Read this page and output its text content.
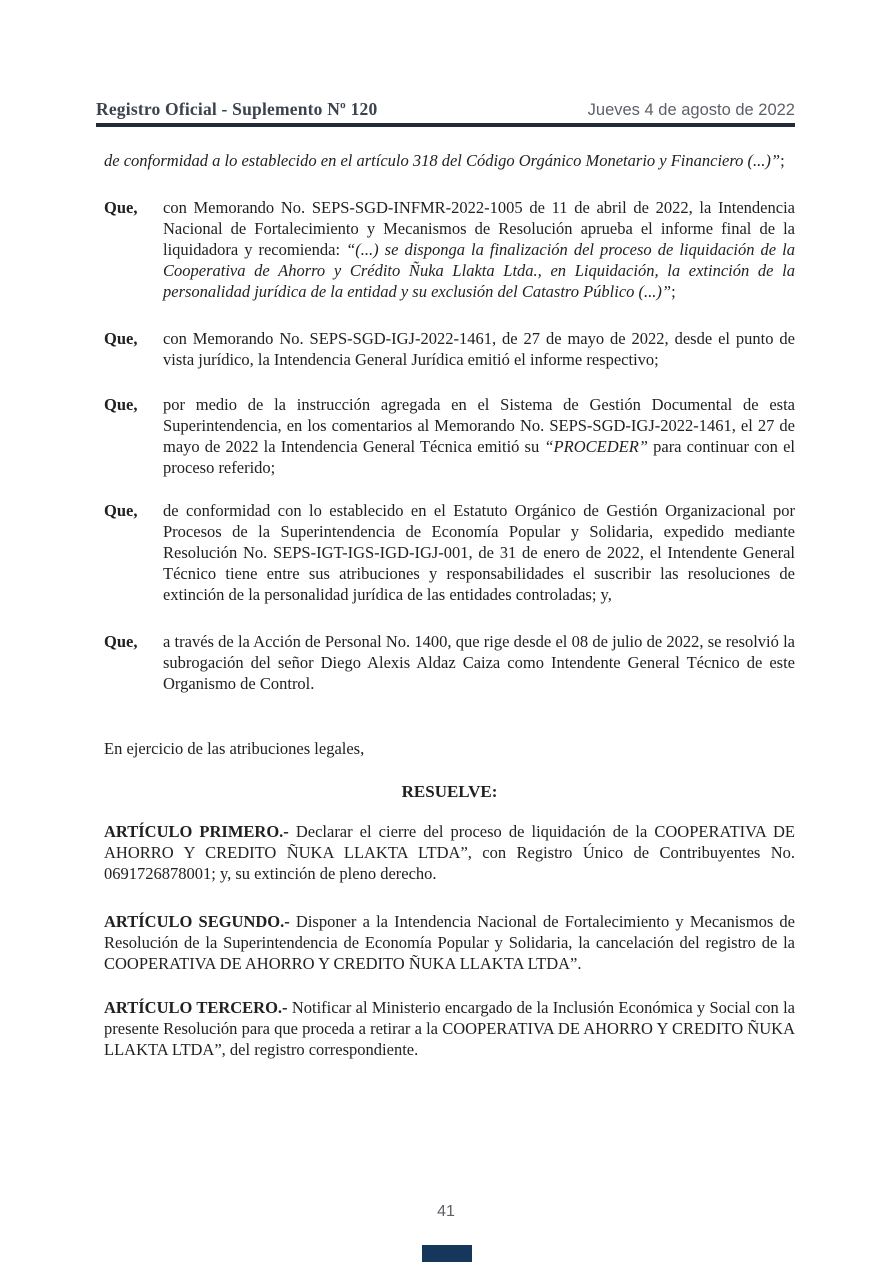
Registro Oficial - Suplemento Nº 120	Jueves 4 de agosto de 2022

de conformidad a lo establecido en el artículo 318 del Código Orgánico Monetario y Financiero (...)”;

Que,	con Memorando No. SEPS-SGD-INFMR-2022-1005 de 11 de abril de 2022, la Intendencia Nacional de Fortalecimiento y Mecanismos de Resolución aprueba el informe final de la liquidadora y recomienda: “(...) se disponga la finalización del proceso de liquidación de la Cooperativa de Ahorro y Crédito Ñuka Llakta Ltda., en Liquidación, la extinción de la personalidad jurídica de la entidad y su exclusión del Catastro Público (...)”;

Que,	con Memorando No. SEPS-SGD-IGJ-2022-1461, de 27 de mayo de 2022, desde el punto de vista jurídico, la Intendencia General Jurídica emitió el informe respectivo;

Que,	por medio de la instrucción agregada en el Sistema de Gestión Documental de esta Superintendencia, en los comentarios al Memorando No. SEPS-SGD-IGJ-2022-1461, el 27 de mayo de 2022 la Intendencia General Técnica emitió su “PROCEDER” para continuar con el proceso referido;

Que,	de conformidad con lo establecido en el Estatuto Orgánico de Gestión Organizacional por Procesos de la Superintendencia de Economía Popular y Solidaria, expedido mediante Resolución No. SEPS-IGT-IGS-IGD-IGJ-001, de 31 de enero de 2022, el Intendente General Técnico tiene entre sus atribuciones y responsabilidades el suscribir las resoluciones de extinción de la personalidad jurídica de las entidades controladas; y,

Que,	a través de la Acción de Personal No. 1400, que rige desde el 08 de julio de 2022, se resolvió la subrogación del señor Diego Alexis Aldaz Caiza como Intendente General Técnico de este Organismo de Control.

En ejercicio de las atribuciones legales,

RESUELVE:

ARTÍCULO PRIMERO.- Declarar el cierre del proceso de liquidación de la COOPERATIVA DE AHORRO Y CREDITO ÑUKA LLAKTA LTDA”, con Registro Único de Contribuyentes No. 0691726878001; y, su extinción de pleno derecho.

ARTÍCULO SEGUNDO.- Disponer a la Intendencia Nacional de Fortalecimiento y Mecanismos de Resolución de la Superintendencia de Economía Popular y Solidaria, la cancelación del registro de la COOPERATIVA DE AHORRO Y CREDITO ÑUKA LLAKTA LTDA”.

ARTÍCULO TERCERO.- Notificar al Ministerio encargado de la Inclusión Económica y Social con la presente Resolución para que proceda a retirar a la COOPERATIVA DE AHORRO Y CREDITO ÑUKA LLAKTA LTDA”, del registro correspondiente.

41
